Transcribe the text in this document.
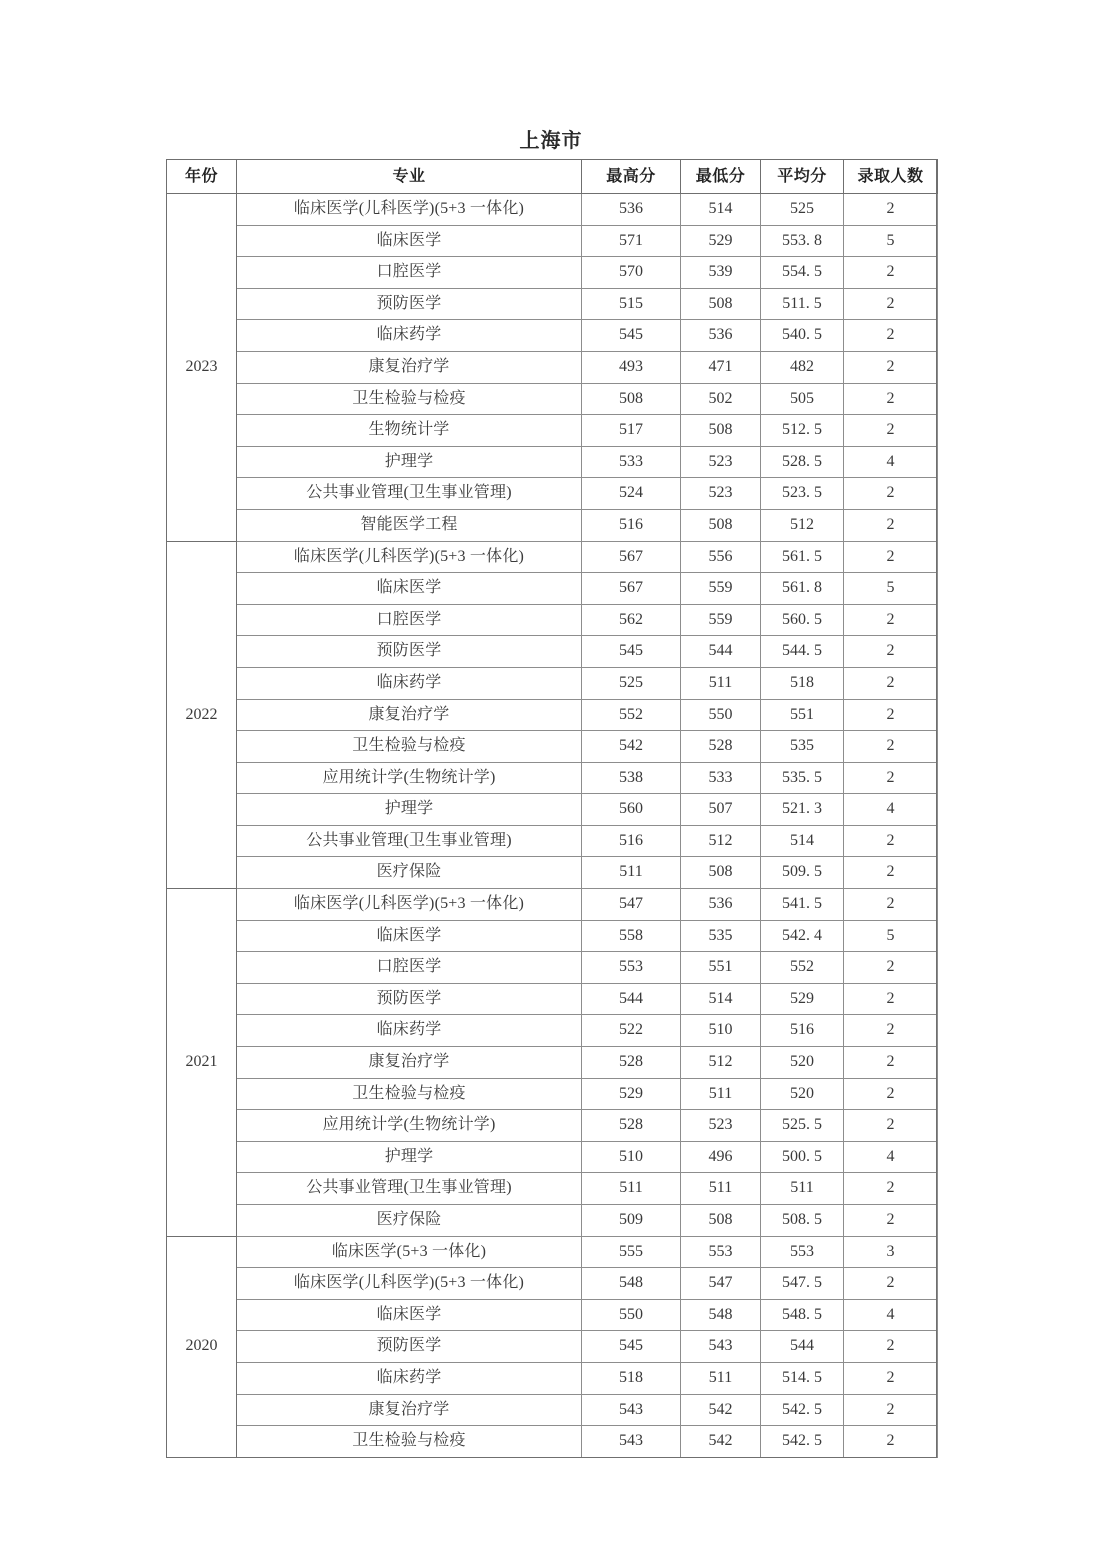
上海市
年份	专业	最高分	最低分	平均分	录取人数
2023	临床医学(儿科医学)(5+3 一体化)	536	514	525	2
	临床医学	571	529	553. 8	5
	口腔医学	570	539	554. 5	2
	预防医学	515	508	511. 5	2
	临床药学	545	536	540. 5	2
	康复治疗学	493	471	482	2
	卫生检验与检疫	508	502	505	2
	生物统计学	517	508	512. 5	2
	护理学	533	523	528. 5	4
	公共事业管理(卫生事业管理)	524	523	523. 5	2
	智能医学工程	516	508	512	2
2022	临床医学(儿科医学)(5+3 一体化)	567	556	561. 5	2
	临床医学	567	559	561. 8	5
	口腔医学	562	559	560. 5	2
	预防医学	545	544	544. 5	2
	临床药学	525	511	518	2
	康复治疗学	552	550	551	2
	卫生检验与检疫	542	528	535	2
	应用统计学(生物统计学)	538	533	535. 5	2
	护理学	560	507	521. 3	4
	公共事业管理(卫生事业管理)	516	512	514	2
	医疗保险	511	508	509. 5	2
2021	临床医学(儿科医学)(5+3 一体化)	547	536	541. 5	2
	临床医学	558	535	542. 4	5
	口腔医学	553	551	552	2
	预防医学	544	514	529	2
	临床药学	522	510	516	2
	康复治疗学	528	512	520	2
	卫生检验与检疫	529	511	520	2
	应用统计学(生物统计学)	528	523	525. 5	2
	护理学	510	496	500. 5	4
	公共事业管理(卫生事业管理)	511	511	511	2
	医疗保险	509	508	508. 5	2
2020	临床医学(5+3 一体化)	555	553	553	3
	临床医学(儿科医学)(5+3 一体化)	548	547	547. 5	2
	临床医学	550	548	548. 5	4
	预防医学	545	543	544	2
	临床药学	518	511	514. 5	2
	康复治疗学	543	542	542. 5	2
	卫生检验与检疫	543	542	542. 5	2
